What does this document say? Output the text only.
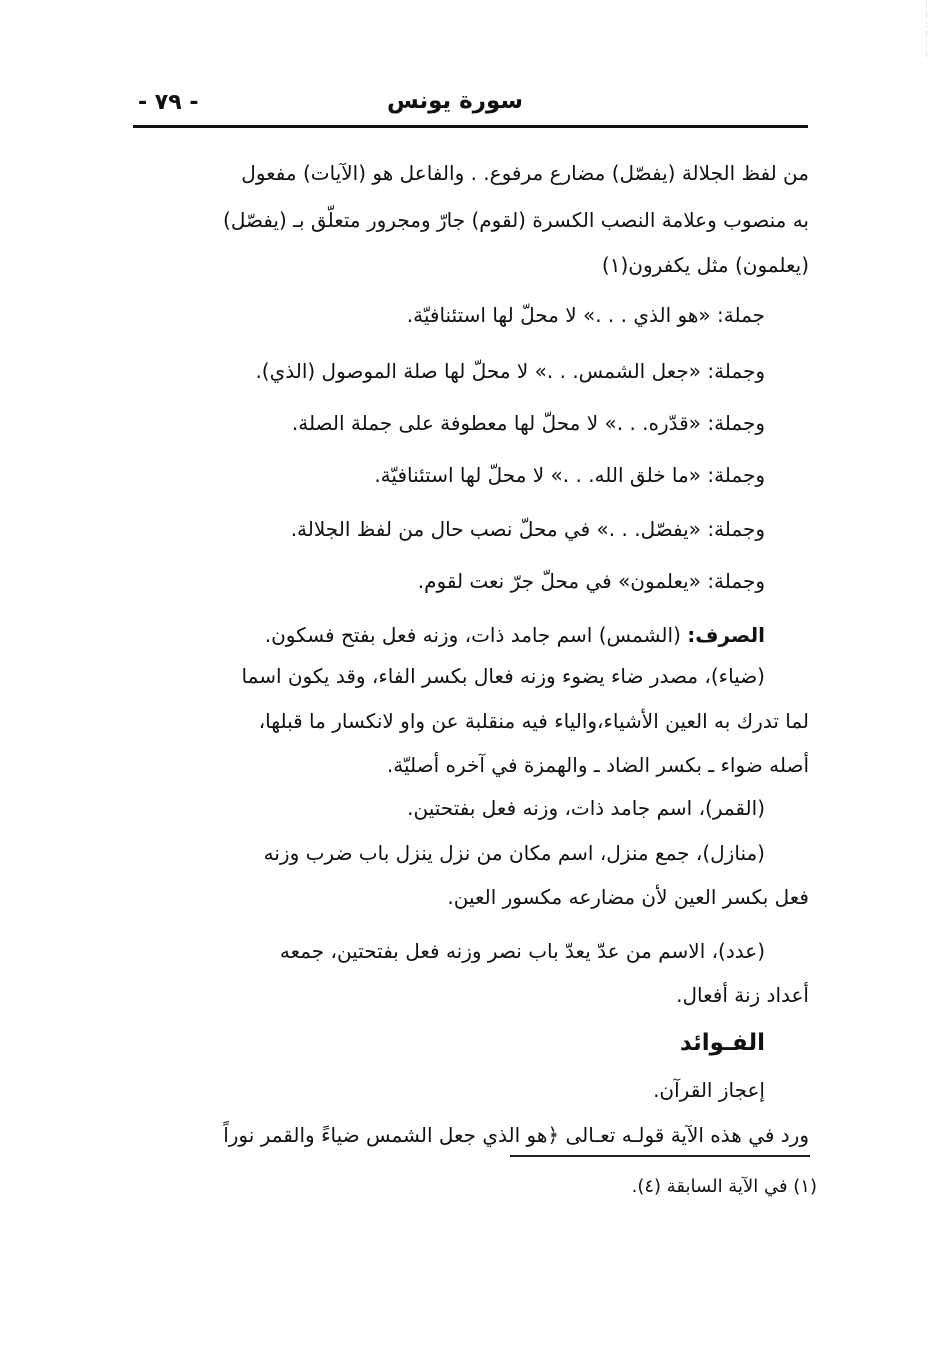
⁞
⁞
⁝
⁞
⁝
⁞
سورة يونس
- ٧٩ -
من لفظ الجلالة (يفصّل) مضارع مرفوع. . والفاعل هو (الآيات) مفعول
به منصوب وعلامة النصب الكسرة (لقوم) جارّ ومجرور متعلّق بـ (يفصّل)
(يعلمون) مثل يكفرون(١)
جملة: «هو الذي . . .» لا محلّ لها استئنافيّة.
وجملة: «جعل الشمس. . .» لا محلّ لها صلة الموصول (الذي).
وجملة: «قدّره. . .» لا محلّ لها معطوفة على جملة الصلة.
وجملة: «ما خلق الله. . .» لا محلّ لها استئنافيّة.
وجملة: «يفصّل. . .» في محلّ نصب حال من لفظ الجلالة.
وجملة: «يعلمون» في محلّ جرّ نعت لقوم.
الصرف: (الشمس) اسم جامد ذات، وزنه فعل بفتح فسكون.
(ضياء)، مصدر ضاء يضوء وزنه فعال بكسر الفاء، وقد يكون اسما
لما تدرك به العين الأشياء،والياء فيه منقلبة عن واو لانكسار ما قبلها،
أصله ضواء ـ بكسر الضاد ـ والهمزة في آخره أصليّة.
(القمر)، اسم جامد ذات، وزنه فعل بفتحتين.
(منازل)، جمع منزل، اسم مكان من نزل ينزل باب ضرب وزنه
فعل بكسر العين لأن مضارعه مكسور العين.
(عدد)، الاسم من عدّ يعدّ باب نصر وزنه فعل بفتحتين، جمعه
أعداد زنة أفعال.
الفـوائد
إعجاز القرآن.
ورد في هذه الآية قولـه تعـالى ﴿هو الذي جعل الشمس ضياءً والقمر نوراً
(١) في الآية السابقة (٤).
